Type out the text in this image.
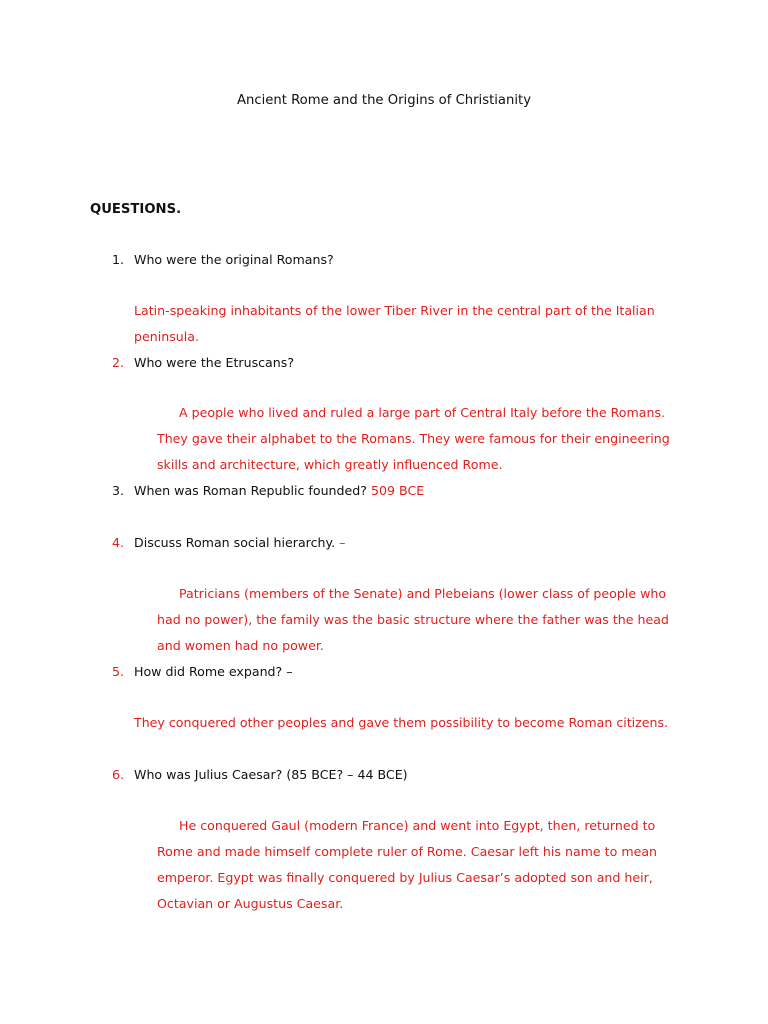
Ancient Rome and the Origins of Christianity
QUESTIONS.
1. Who were the original Romans?
Latin-speaking inhabitants of the lower Tiber River in the central part of the Italian
peninsula.
2. Who were the Etruscans?
A people who lived and ruled a large part of Central Italy before the Romans.
They gave their alphabet to the Romans. They were famous for their engineering
skills and architecture, which greatly influenced Rome.
3. When was Roman Republic founded? 509 BCE
4. Discuss Roman social hierarchy. –
Patricians (members of the Senate) and Plebeians (lower class of people who
had no power), the family was the basic structure where the father was the head
and women had no power.
5. How did Rome expand? –
They conquered other peoples and gave them possibility to become Roman citizens.
6. Who was Julius Caesar? (85 BCE? – 44 BCE)
He conquered Gaul (modern France) and went into Egypt, then, returned to
Rome and made himself complete ruler of Rome. Caesar left his name to mean
emperor. Egypt was finally conquered by Julius Caesar’s adopted son and heir,
Octavian or Augustus Caesar.
